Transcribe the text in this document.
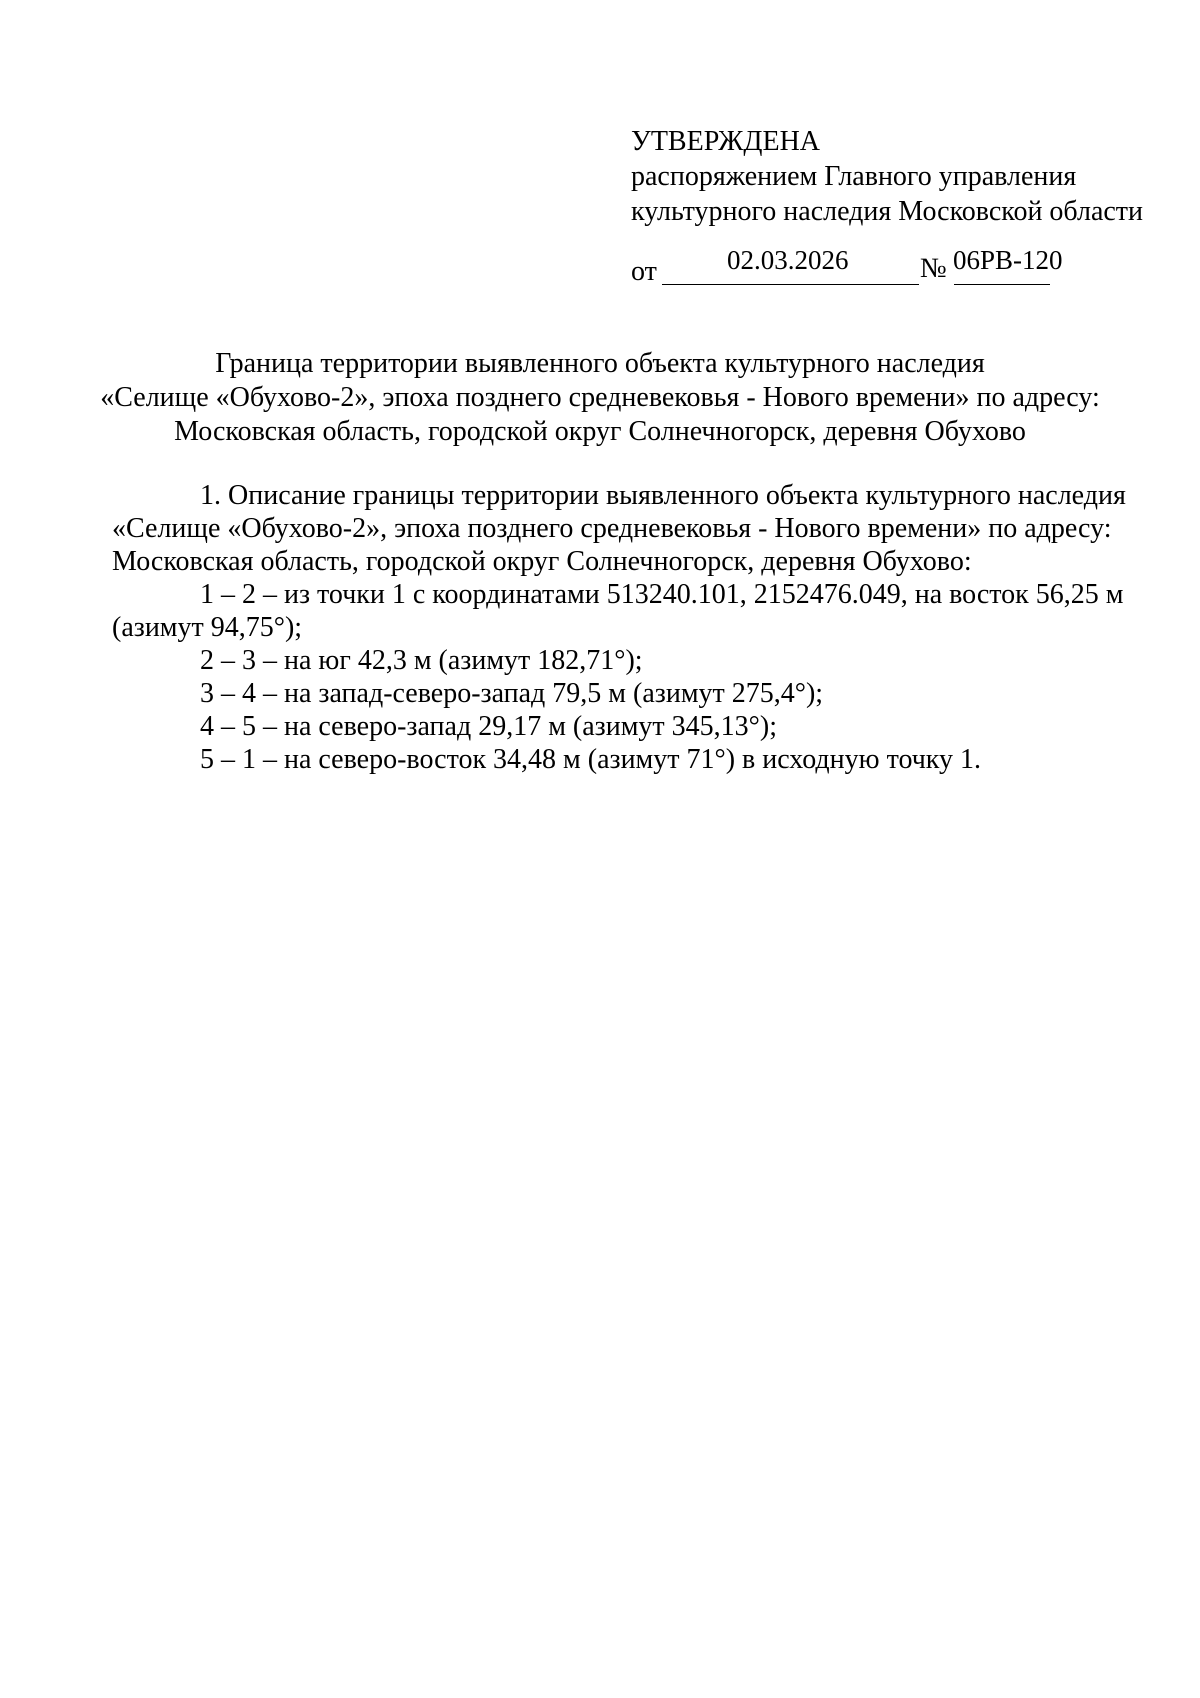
УТВЕРЖДЕНА
распоряжением Главного управления
культурного наследия Московской области
от	02.03.2026	№ 06РВ-120
Граница территории выявленного объекта культурного наследия
«Селище «Обухово-2», эпоха позднего средневековья - Нового времени» по адресу:
Московская область, городской округ Солнечногорск, деревня Обухово
1. Описание границы территории выявленного объекта культурного наследия
«Селище «Обухово-2», эпоха позднего средневековья - Нового времени» по адресу:
Московская область, городской округ Солнечногорск, деревня Обухово:
1 – 2 – из точки 1 с координатами 513240.101, 2152476.049, на восток 56,25 м
(азимут 94,75°);
2 – 3 – на юг 42,3 м (азимут 182,71°);
3 – 4 – на запад-северо-запад 79,5 м (азимут 275,4°);
4 – 5 – на северо-запад 29,17 м (азимут 345,13°);
5 – 1 – на северо-восток 34,48 м (азимут 71°) в исходную точку 1.
